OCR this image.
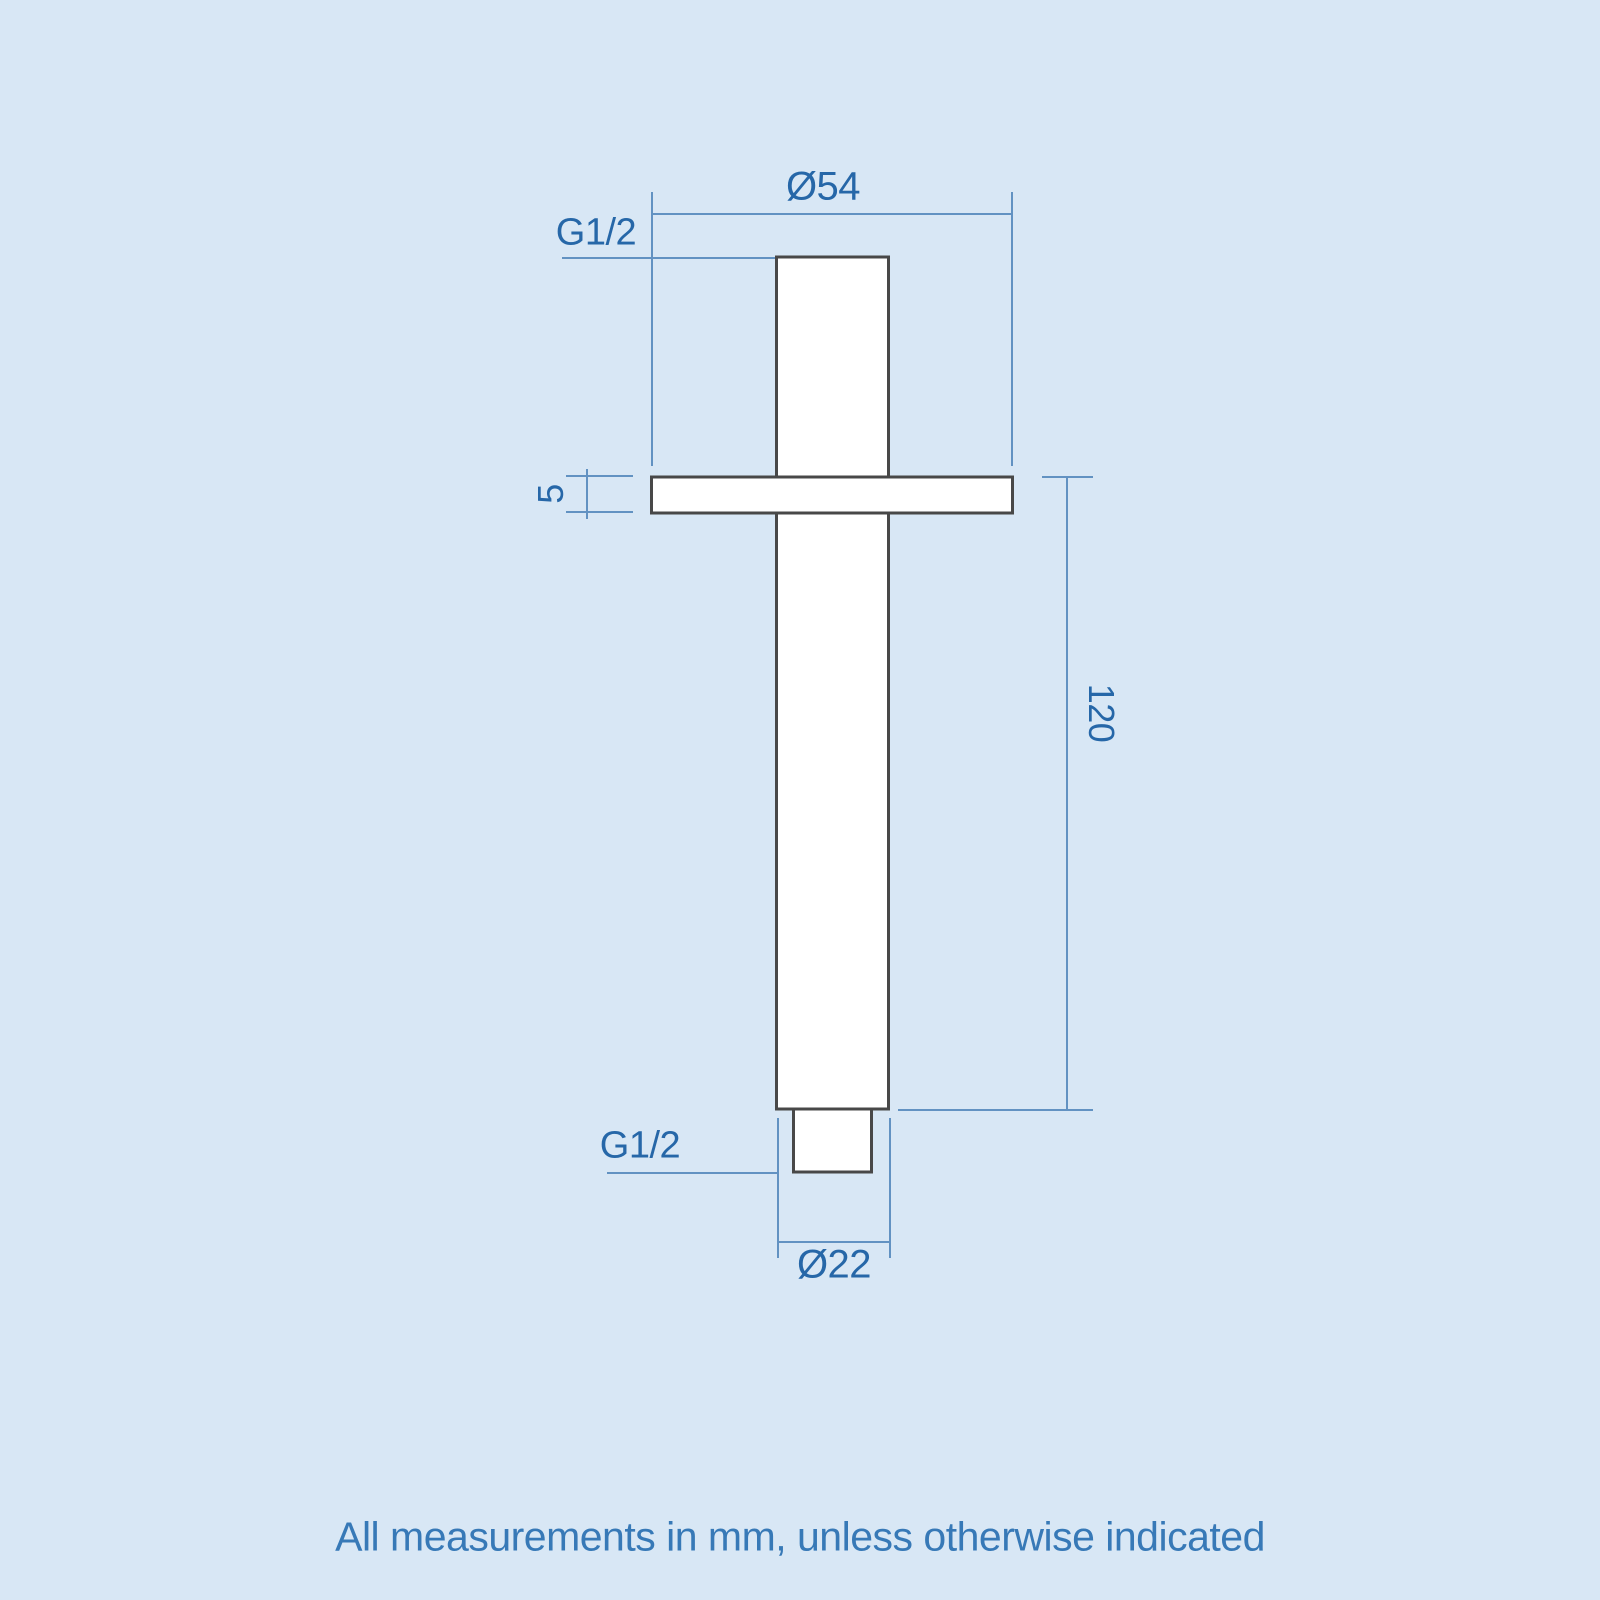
Ø54
G1/2
5
120
G1/2
Ø22
All measurements in mm, unless otherwise indicated
